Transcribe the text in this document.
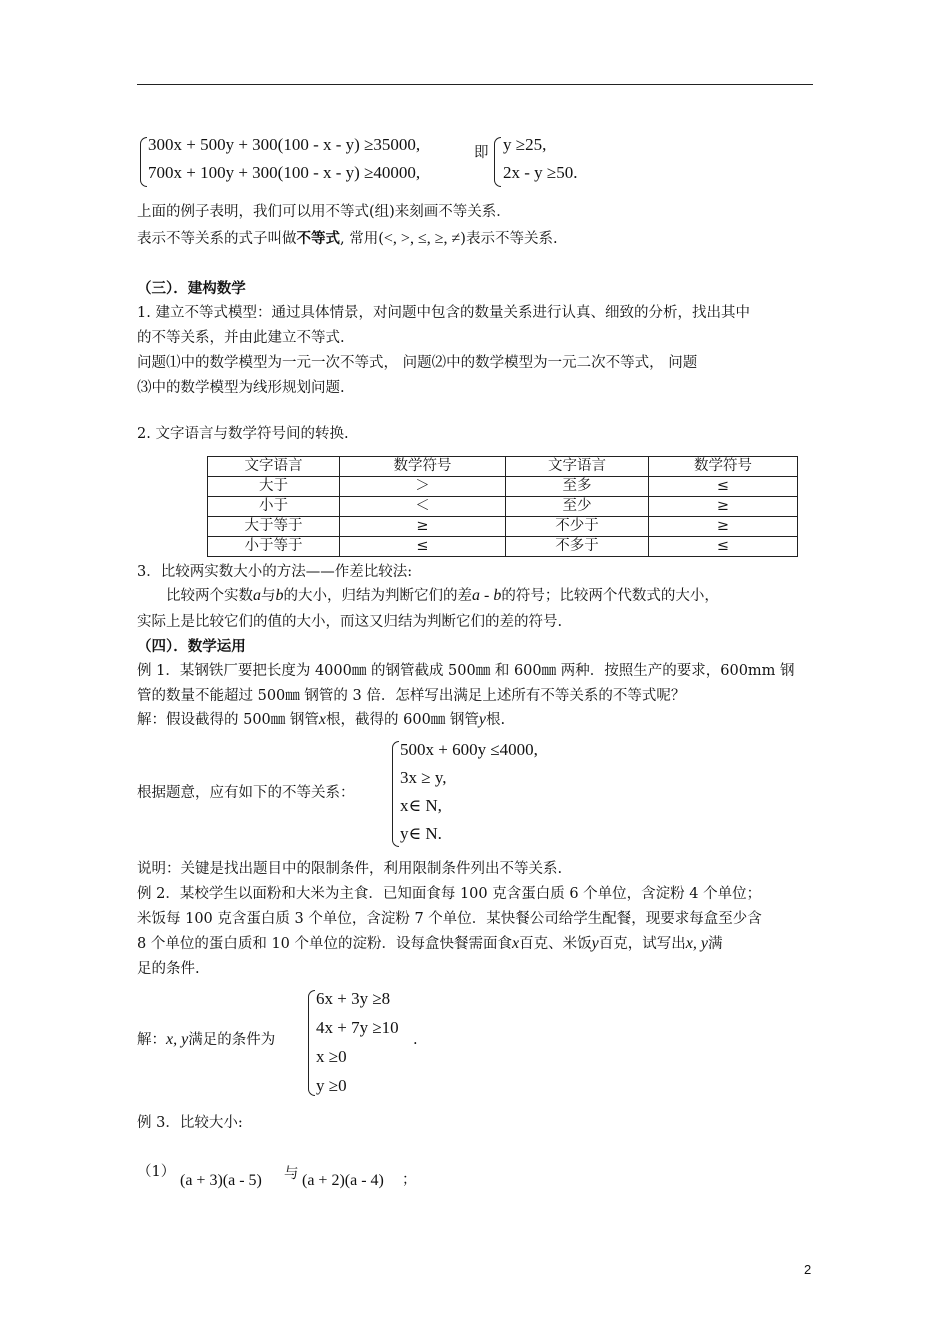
300x + 500y + 300(100 - x - y) ≥35000,
700x + 100y + 300(100 - x - y) ≥40000,
即 y ≥25,
2x - y ≥50.
上面的例子表明，我们可以用不等式(组)来刻画不等关系．
表示不等关系的式子叫做不等式, 常用(<, >, ≤, ≥, ≠)表示不等关系.
（三）．建构数学
1. 建立不等式模型：通过具体情景，对问题中包含的数量关系进行认真、细致的分析，找出其中
的不等关系，并由此建立不等式.
问题⑴中的数学模型为一元一次不等式， 问题⑵中的数学模型为一元二次不等式， 问题
⑶中的数学模型为线形规划问题.
2. 文字语言与数学符号间的转换.
文字语言	数学符号	文字语言	数学符号
大于	＞	至多	≤
小于	＜	至少	≥
大于等于	≥	不少于	≥
小于等于	≤	不多于	≤
3．比较两实数大小的方法——作差比较法:
比较两个实数a与b的大小，归结为判断它们的差a - b的符号；比较两个代数式的大小，
实际上是比较它们的值的大小，而这又归结为判断它们的差的符号.
（四）．数学运用
例 1．某钢铁厂要把长度为 4000㎜ 的钢管截成 500㎜ 和 600㎜ 两种．按照生产的要求，600mm 钢
管的数量不能超过 500㎜ 钢管的 3 倍．怎样写出满足上述所有不等关系的不等式呢？
解：假设截得的 500㎜ 钢管x根，截得的 600㎜ 钢管y根.
根据题意，应有如下的不等关系：
500x + 600y ≤4000,
3x ≥ y,
x∈ N,
y∈ N.
说明：关键是找出题目中的限制条件，利用限制条件列出不等关系.
例 2．某校学生以面粉和大米为主食．已知面食每 100 克含蛋白质 6 个单位，含淀粉 4 个单位；
米饭每 100 克含蛋白质 3 个单位，含淀粉 7 个单位．某快餐公司给学生配餐，现要求每盒至少含
8 个单位的蛋白质和 10 个单位的淀粉．设每盒快餐需面食x百克、米饭y百克，试写出x, y满
足的条件.
解：x, y满足的条件为
6x + 3y ≥8
4x + 7y ≥10
x ≥0
y ≥0
.
例 3．比较大小:
（1） (a + 3)(a - 5) 与 (a + 2)(a - 4) ；
2
